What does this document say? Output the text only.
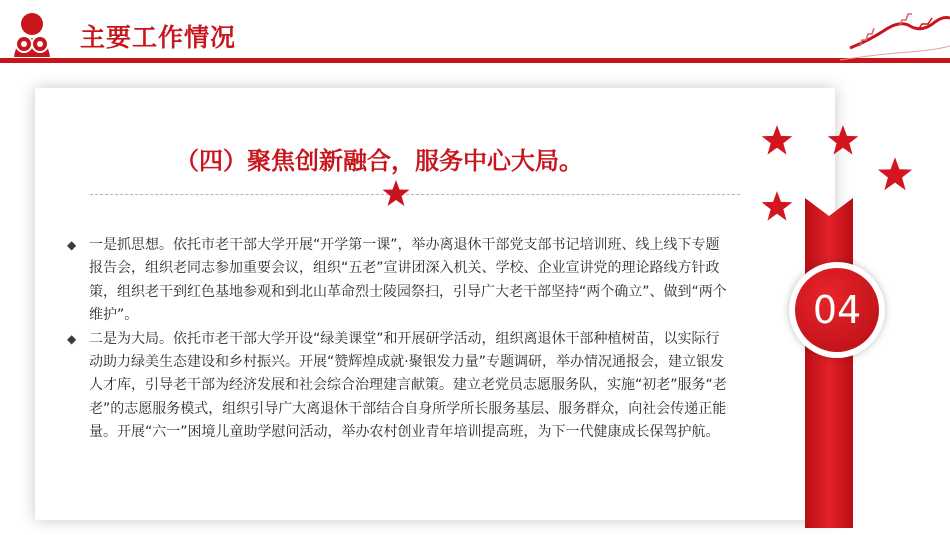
主要工作情况
（四）聚焦创新融合，服务中心大局。
◆ 一是抓思想。依托市老干部大学开展“开学第一课”，举办离退休干部党支部书记培训班、线上线下专题报告会，组织老同志参加重要会议，组织“五老”宣讲团深入机关、学校、企业宣讲党的理论路线方针政策，组织老干到红色基地参观和到北山革命烈士陵园祭扫，引导广大老干部坚持“两个确立”、做到“两个维护”。
◆ 二是为大局。依托市老干部大学开设“绿美课堂”和开展研学活动，组织离退休干部种植树苗，以实际行动助力绿美生态建设和乡村振兴。开展“赞辉煌成就·聚银发力量”专题调研，举办情况通报会，建立银发人才库，引导老干部为经济发展和社会综合治理建言献策。建立老党员志愿服务队，实施“初老”服务“老老”的志愿服务模式，组织引导广大离退休干部结合自身所学所长服务基层、服务群众，向社会传递正能量。开展“六一”困境儿童助学慰问活动，举办农村创业青年培训提高班，为下一代健康成长保驾护航。
04
